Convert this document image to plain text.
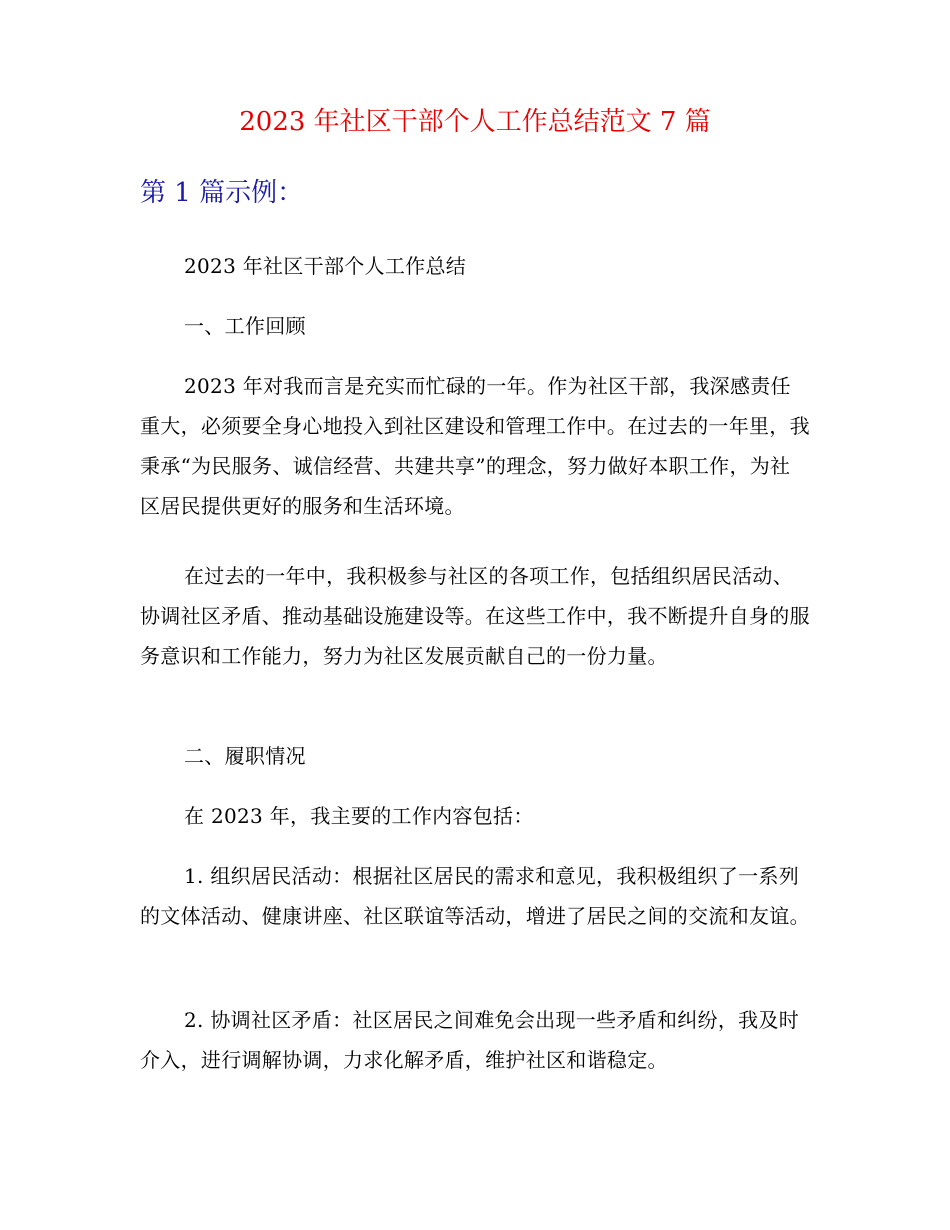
2023 年社区干部个人工作总结范文 7 篇
第 1 篇示例：

2023 年社区干部个人工作总结

一、工作回顾

2023 年对我而言是充实而忙碌的一年。作为社区干部，我深感责任重大，必须要全身心地投入到社区建设和管理工作中。在过去的一年里，我秉承“为民服务、诚信经营、共建共享”的理念，努力做好本职工作，为社区居民提供更好的服务和生活环境。

在过去的一年中，我积极参与社区的各项工作，包括组织居民活动、协调社区矛盾、推动基础设施建设等。在这些工作中，我不断提升自身的服务意识和工作能力，努力为社区发展贡献自己的一份力量。

二、履职情况

在 2023 年，我主要的工作内容包括：

1. 组织居民活动：根据社区居民的需求和意见，我积极组织了一系列的文体活动、健康讲座、社区联谊等活动，增进了居民之间的交流和友谊。

2. 协调社区矛盾：社区居民之间难免会出现一些矛盾和纠纷，我及时介入，进行调解协调，力求化解矛盾，维护社区和谐稳定。
